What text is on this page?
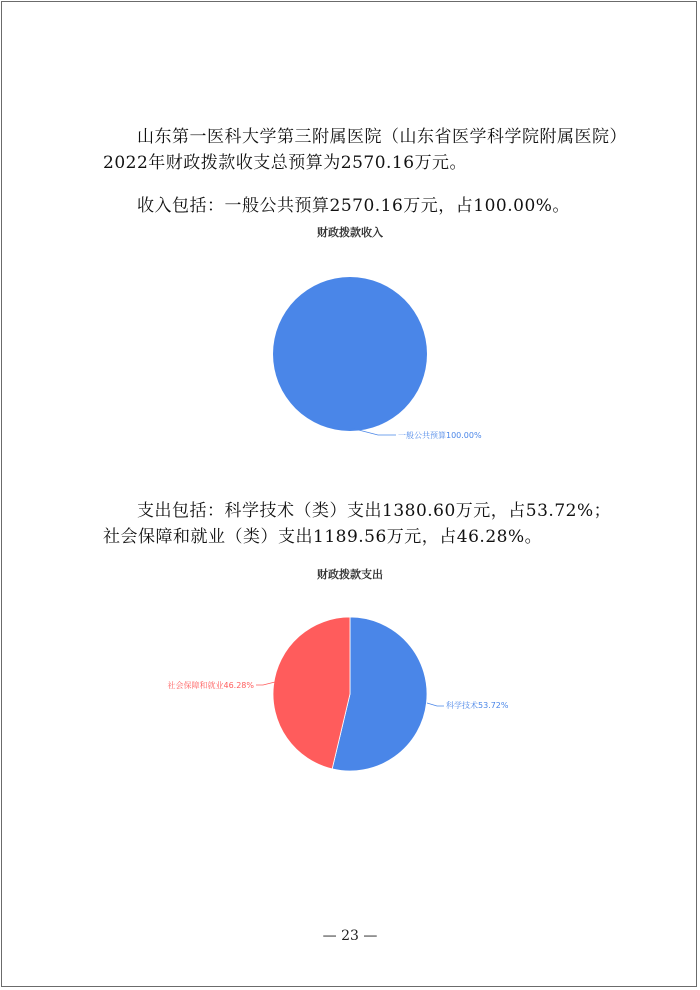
山东第一医科大学第三附属医院（山东省医学科学院附属医院）2022年财政拨款收支总预算为2570.16万元。

收入包括：一般公共预算2570.16万元，占100.00%。

财政拨款收入
一般公共预算100.00%

支出包括：科学技术（类）支出1380.60万元，占53.72%；社会保障和就业（类）支出1189.56万元，占46.28%。

财政拨款支出
科学技术53.72%
社会保障和就业46.28%
— 23 —
